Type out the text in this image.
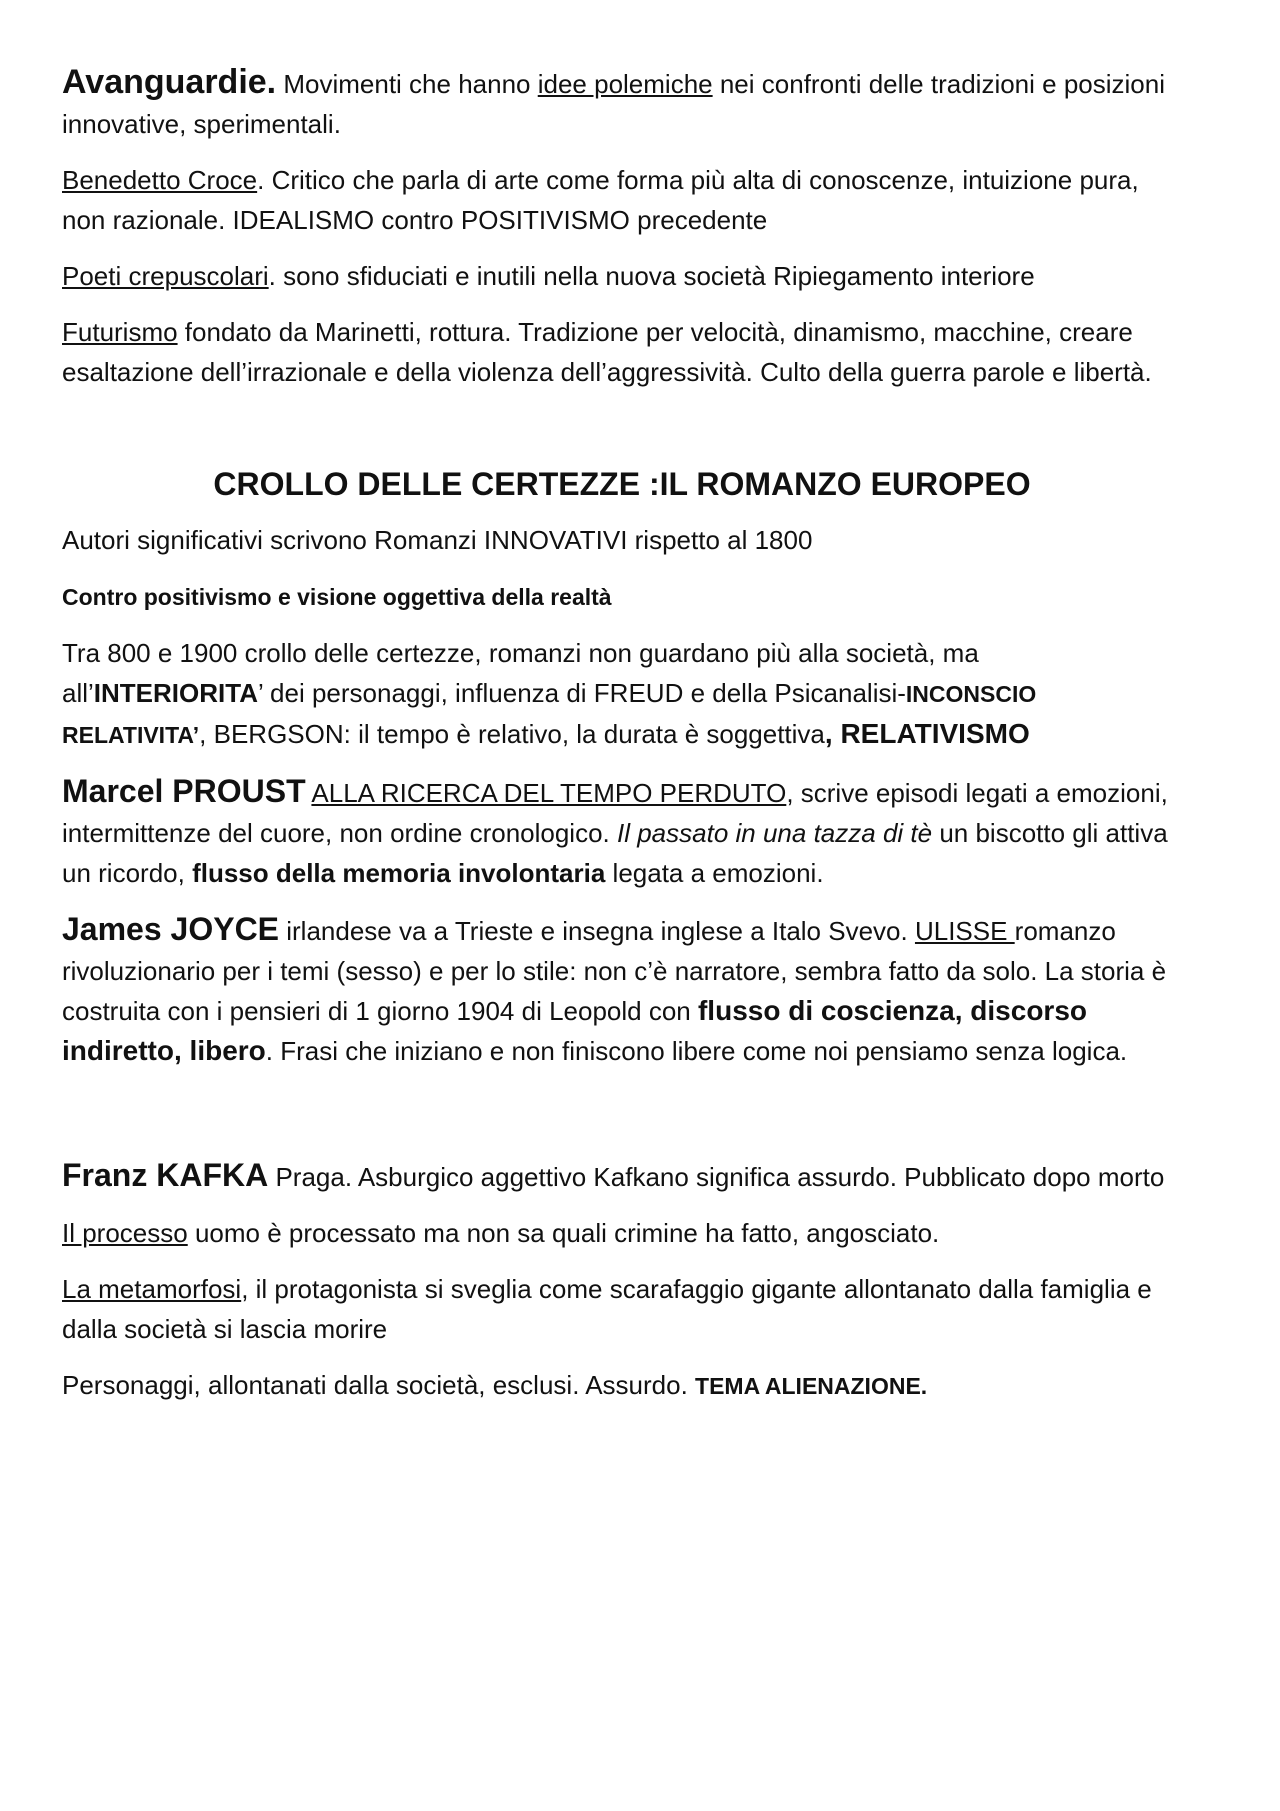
Avanguardie. Movimenti che hanno idee polemiche nei confronti delle tradizioni e posizioni innovative, sperimentali.

Benedetto Croce. Critico che parla di arte come forma più alta di conoscenze, intuizione pura, non razionale. IDEALISMO contro POSITIVISMO precedente

Poeti crepuscolari. sono sfiduciati e inutili nella nuova società Ripiegamento interiore

Futurismo fondato da Marinetti, rottura. Tradizione per velocità, dinamismo, macchine, creare esaltazione dell’irrazionale e della violenza dell’aggressività. Culto della guerra parole e libertà.

CROLLO DELLE CERTEZZE :IL ROMANZO EUROPEO

Autori significativi scrivono Romanzi INNOVATIVI rispetto al 1800

Contro positivismo e visione oggettiva della realtà

Tra 800 e 1900 crollo delle certezze, romanzi non guardano più alla società, ma all’INTERIORITA’ dei personaggi, influenza di FREUD e della Psicanalisi-INCONSCIO RELATIVITA’, BERGSON: il tempo è relativo, la durata è soggettiva, RELATIVISMO

Marcel PROUST ALLA RICERCA DEL TEMPO PERDUTO, scrive episodi legati a emozioni, intermittenze del cuore, non ordine cronologico. Il passato in una tazza di tè un biscotto gli attiva un ricordo, flusso della memoria involontaria legata a emozioni.

James JOYCE irlandese va a Trieste e insegna inglese a Italo Svevo. ULISSE romanzo rivoluzionario per i temi (sesso) e per lo stile: non c’è narratore, sembra fatto da solo. La storia è costruita con i pensieri di 1 giorno 1904 di Leopold con flusso di coscienza, discorso indiretto, libero. Frasi che iniziano e non finiscono libere come noi pensiamo senza logica.

Franz KAFKA Praga. Asburgico aggettivo Kafkano significa assurdo. Pubblicato dopo morto

Il processo uomo è processato ma non sa quali crimine ha fatto, angosciato.

La metamorfosi, il protagonista si sveglia come scarafaggio gigante allontanato dalla famiglia e dalla società si lascia morire

Personaggi, allontanati dalla società, esclusi. Assurdo. TEMA ALIENAZIONE.
